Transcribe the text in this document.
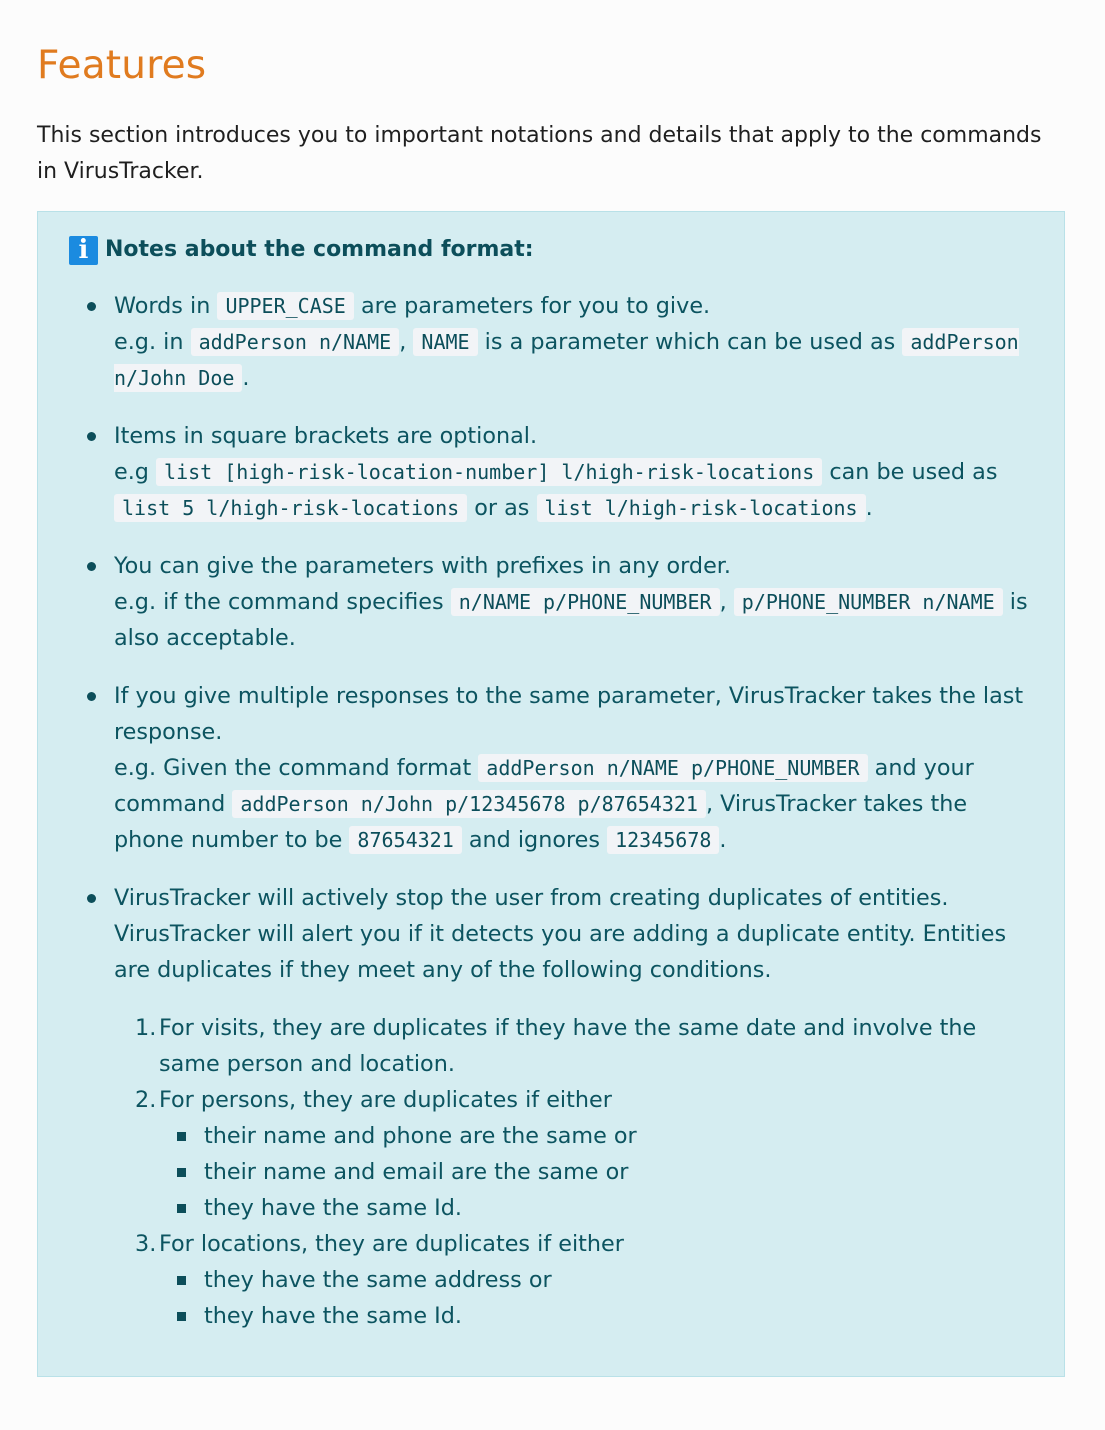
Features

This section introduces you to important notations and details that apply to the commands in VirusTracker.

i Notes about the command format:
Words in UPPER_CASE are parameters for you to give.
e.g. in addPerson n/NAME , NAME is a parameter which can be used as addPerson n/John Doe .
Items in square brackets are optional.
e.g list [high-risk-location-number] l/high-risk-locations can be used as list 5 l/high-risk-locations or as list l/high-risk-locations .
You can give the parameters with prefixes in any order.
e.g. if the command specifies n/NAME p/PHONE_NUMBER , p/PHONE_NUMBER n/NAME is also acceptable.
If you give multiple responses to the same parameter, VirusTracker takes the last response.
e.g. Given the command format addPerson n/NAME p/PHONE_NUMBER and your command addPerson n/John p/12345678 p/87654321 , VirusTracker takes the phone number to be 87654321 and ignores 12345678 .
VirusTracker will actively stop the user from creating duplicates of entities. VirusTracker will alert you if it detects you are adding a duplicate entity. Entities are duplicates if they meet any of the following conditions.
For visits, they are duplicates if they have the same date and involve the same person and location.
For persons, they are duplicates if either
their name and phone are the same or
their name and email are the same or
they have the same Id.
For locations, they are duplicates if either
they have the same address or
they have the same Id.
